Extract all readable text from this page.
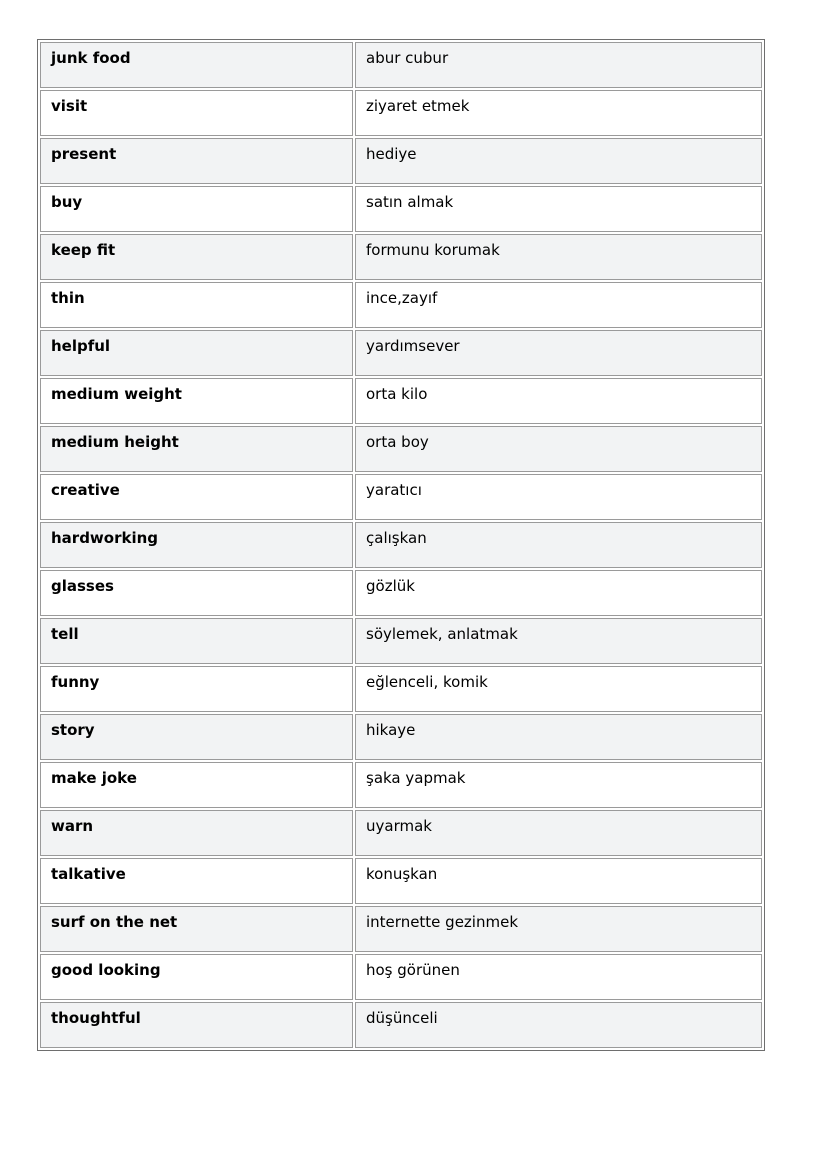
junk food	abur cubur
visit	ziyaret etmek
present	hediye
buy	satın almak
keep fit	formunu korumak
thin	ince,zayıf
helpful	yardımsever
medium weight	orta kilo
medium height	orta boy
creative	yaratıcı
hardworking	çalışkan
glasses	gözlük
tell	söylemek, anlatmak
funny	eğlenceli, komik
story	hikaye
make joke	şaka yapmak
warn	uyarmak
talkative	konuşkan
surf on the net	internette gezinmek
good looking	hoş görünen
thoughtful	düşünceli
